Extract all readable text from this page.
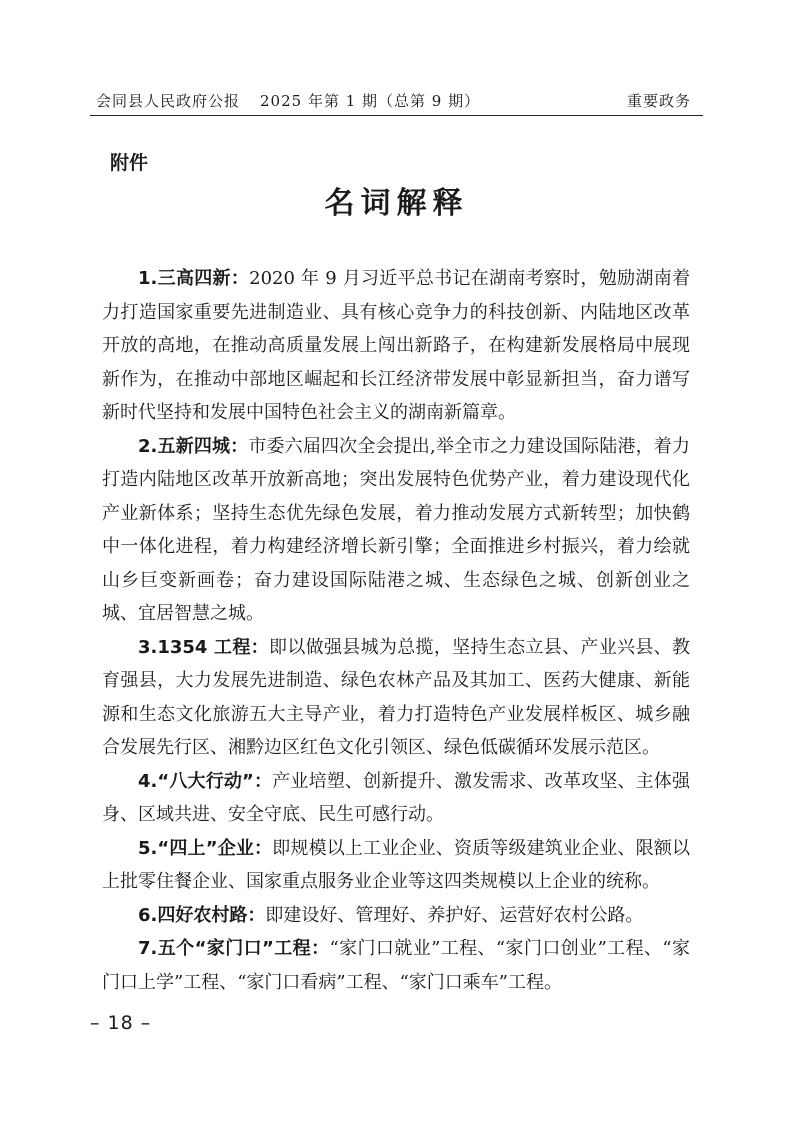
会同县人民政府公报 2025 年第 1 期（总第 9 期）	重要政务
附件
名词解释

1.三高四新：2020 年 9 月习近平总书记在湖南考察时，勉励湖南着力打造国家重要先进制造业、具有核心竞争力的科技创新、内陆地区改革开放的高地，在推动高质量发展上闯出新路子，在构建新发展格局中展现新作为，在推动中部地区崛起和长江经济带发展中彰显新担当，奋力谱写新时代坚持和发展中国特色社会主义的湖南新篇章。

2.五新四城：市委六届四次全会提出,举全市之力建设国际陆港，着力打造内陆地区改革开放新高地；突出发展特色优势产业，着力建设现代化产业新体系；坚持生态优先绿色发展，着力推动发展方式新转型；加快鹤中一体化进程，着力构建经济增长新引擎；全面推进乡村振兴，着力绘就山乡巨变新画卷；奋力建设国际陆港之城、生态绿色之城、创新创业之城、宜居智慧之城。

3.1354 工程：即以做强县城为总揽，坚持生态立县、产业兴县、教育强县，大力发展先进制造、绿色农林产品及其加工、医药大健康、新能源和生态文化旅游五大主导产业，着力打造特色产业发展样板区、城乡融合发展先行区、湘黔边区红色文化引领区、绿色低碳循环发展示范区。

4.“八大行动”：产业培塑、创新提升、激发需求、改革攻坚、主体强身、区域共进、安全守底、民生可感行动。

5.“四上”企业：即规模以上工业企业、资质等级建筑业企业、限额以上批零住餐企业、国家重点服务业企业等这四类规模以上企业的统称。

6.四好农村路：即建设好、管理好、养护好、运营好农村公路。

7.五个“家门口”工程：“家门口就业”工程、“家门口创业”工程、“家门口上学”工程、“家门口看病”工程、“家门口乘车”工程。

– 18 –
